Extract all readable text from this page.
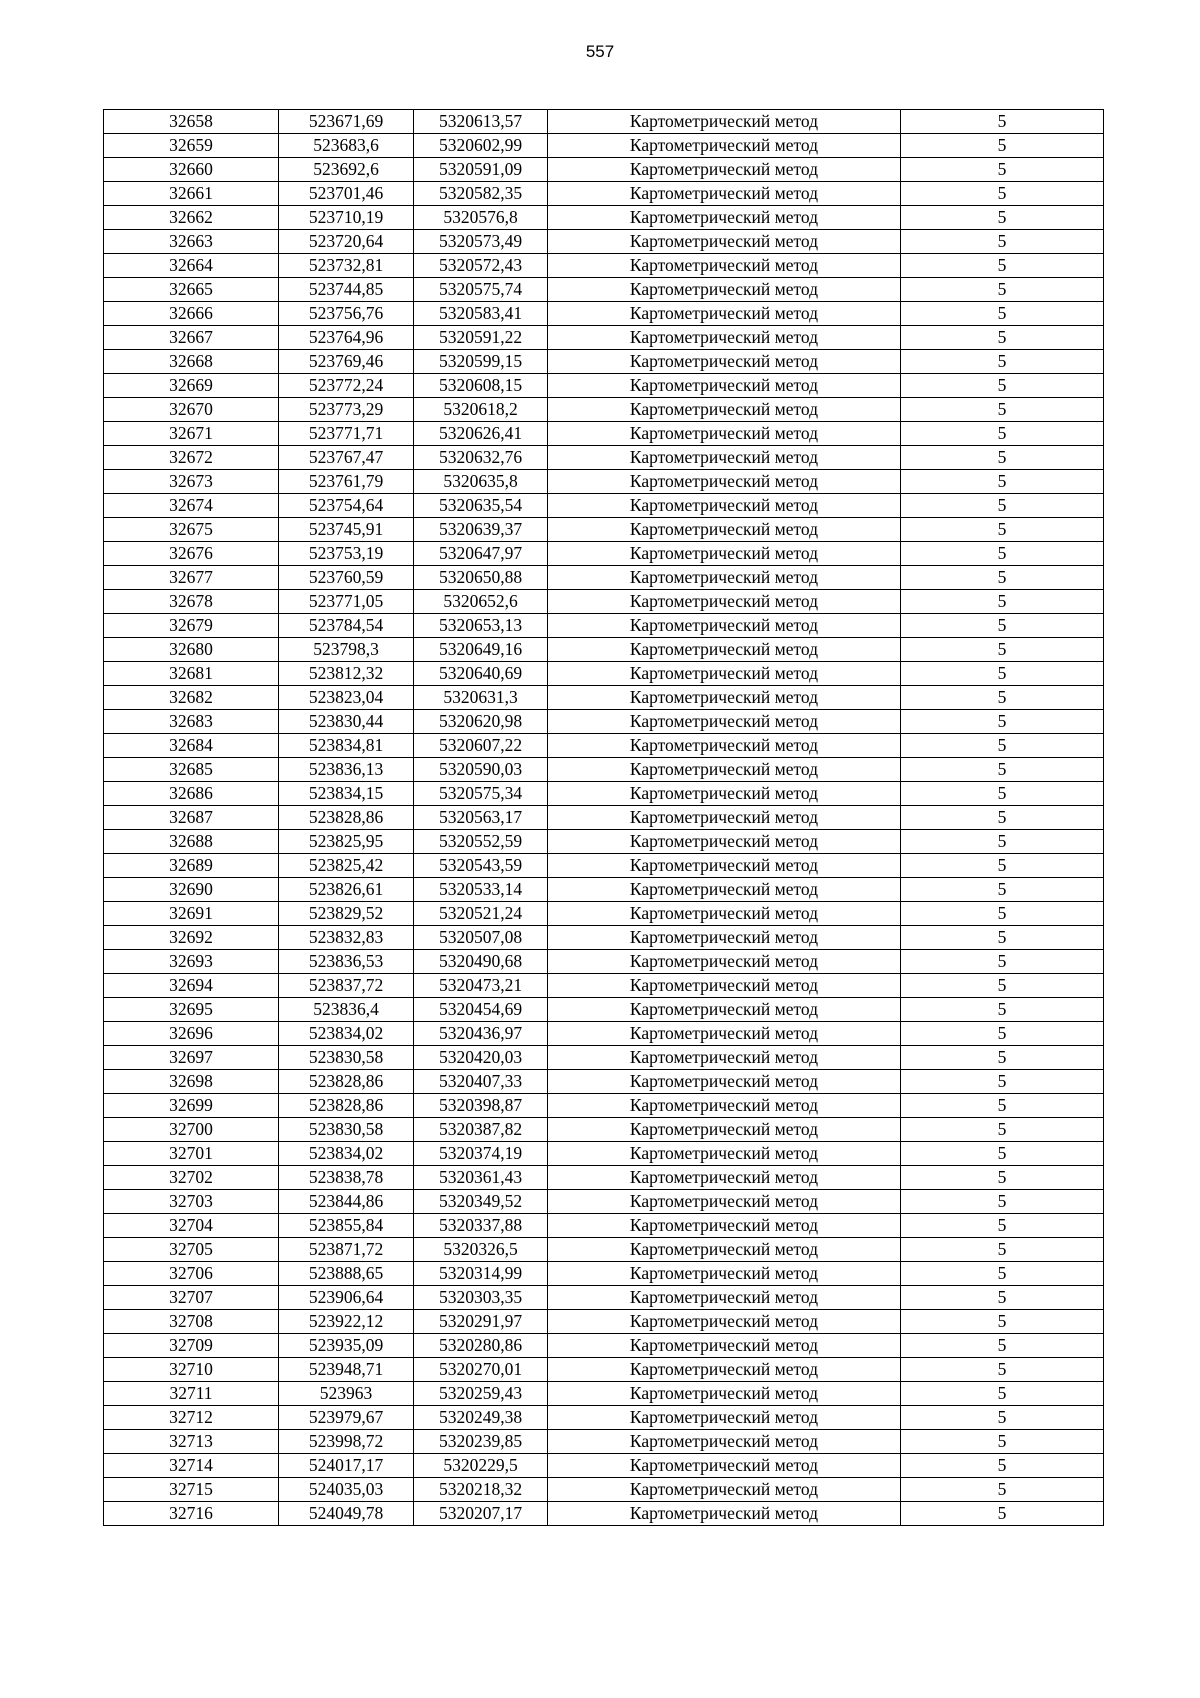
557
32658	523671,69	5320613,57	Картометрический метод	5
32659	523683,6	5320602,99	Картометрический метод	5
32660	523692,6	5320591,09	Картометрический метод	5
32661	523701,46	5320582,35	Картометрический метод	5
32662	523710,19	5320576,8	Картометрический метод	5
32663	523720,64	5320573,49	Картометрический метод	5
32664	523732,81	5320572,43	Картометрический метод	5
32665	523744,85	5320575,74	Картометрический метод	5
32666	523756,76	5320583,41	Картометрический метод	5
32667	523764,96	5320591,22	Картометрический метод	5
32668	523769,46	5320599,15	Картометрический метод	5
32669	523772,24	5320608,15	Картометрический метод	5
32670	523773,29	5320618,2	Картометрический метод	5
32671	523771,71	5320626,41	Картометрический метод	5
32672	523767,47	5320632,76	Картометрический метод	5
32673	523761,79	5320635,8	Картометрический метод	5
32674	523754,64	5320635,54	Картометрический метод	5
32675	523745,91	5320639,37	Картометрический метод	5
32676	523753,19	5320647,97	Картометрический метод	5
32677	523760,59	5320650,88	Картометрический метод	5
32678	523771,05	5320652,6	Картометрический метод	5
32679	523784,54	5320653,13	Картометрический метод	5
32680	523798,3	5320649,16	Картометрический метод	5
32681	523812,32	5320640,69	Картометрический метод	5
32682	523823,04	5320631,3	Картометрический метод	5
32683	523830,44	5320620,98	Картометрический метод	5
32684	523834,81	5320607,22	Картометрический метод	5
32685	523836,13	5320590,03	Картометрический метод	5
32686	523834,15	5320575,34	Картометрический метод	5
32687	523828,86	5320563,17	Картометрический метод	5
32688	523825,95	5320552,59	Картометрический метод	5
32689	523825,42	5320543,59	Картометрический метод	5
32690	523826,61	5320533,14	Картометрический метод	5
32691	523829,52	5320521,24	Картометрический метод	5
32692	523832,83	5320507,08	Картометрический метод	5
32693	523836,53	5320490,68	Картометрический метод	5
32694	523837,72	5320473,21	Картометрический метод	5
32695	523836,4	5320454,69	Картометрический метод	5
32696	523834,02	5320436,97	Картометрический метод	5
32697	523830,58	5320420,03	Картометрический метод	5
32698	523828,86	5320407,33	Картометрический метод	5
32699	523828,86	5320398,87	Картометрический метод	5
32700	523830,58	5320387,82	Картометрический метод	5
32701	523834,02	5320374,19	Картометрический метод	5
32702	523838,78	5320361,43	Картометрический метод	5
32703	523844,86	5320349,52	Картометрический метод	5
32704	523855,84	5320337,88	Картометрический метод	5
32705	523871,72	5320326,5	Картометрический метод	5
32706	523888,65	5320314,99	Картометрический метод	5
32707	523906,64	5320303,35	Картометрический метод	5
32708	523922,12	5320291,97	Картометрический метод	5
32709	523935,09	5320280,86	Картометрический метод	5
32710	523948,71	5320270,01	Картометрический метод	5
32711	523963	5320259,43	Картометрический метод	5
32712	523979,67	5320249,38	Картометрический метод	5
32713	523998,72	5320239,85	Картометрический метод	5
32714	524017,17	5320229,5	Картометрический метод	5
32715	524035,03	5320218,32	Картометрический метод	5
32716	524049,78	5320207,17	Картометрический метод	5
